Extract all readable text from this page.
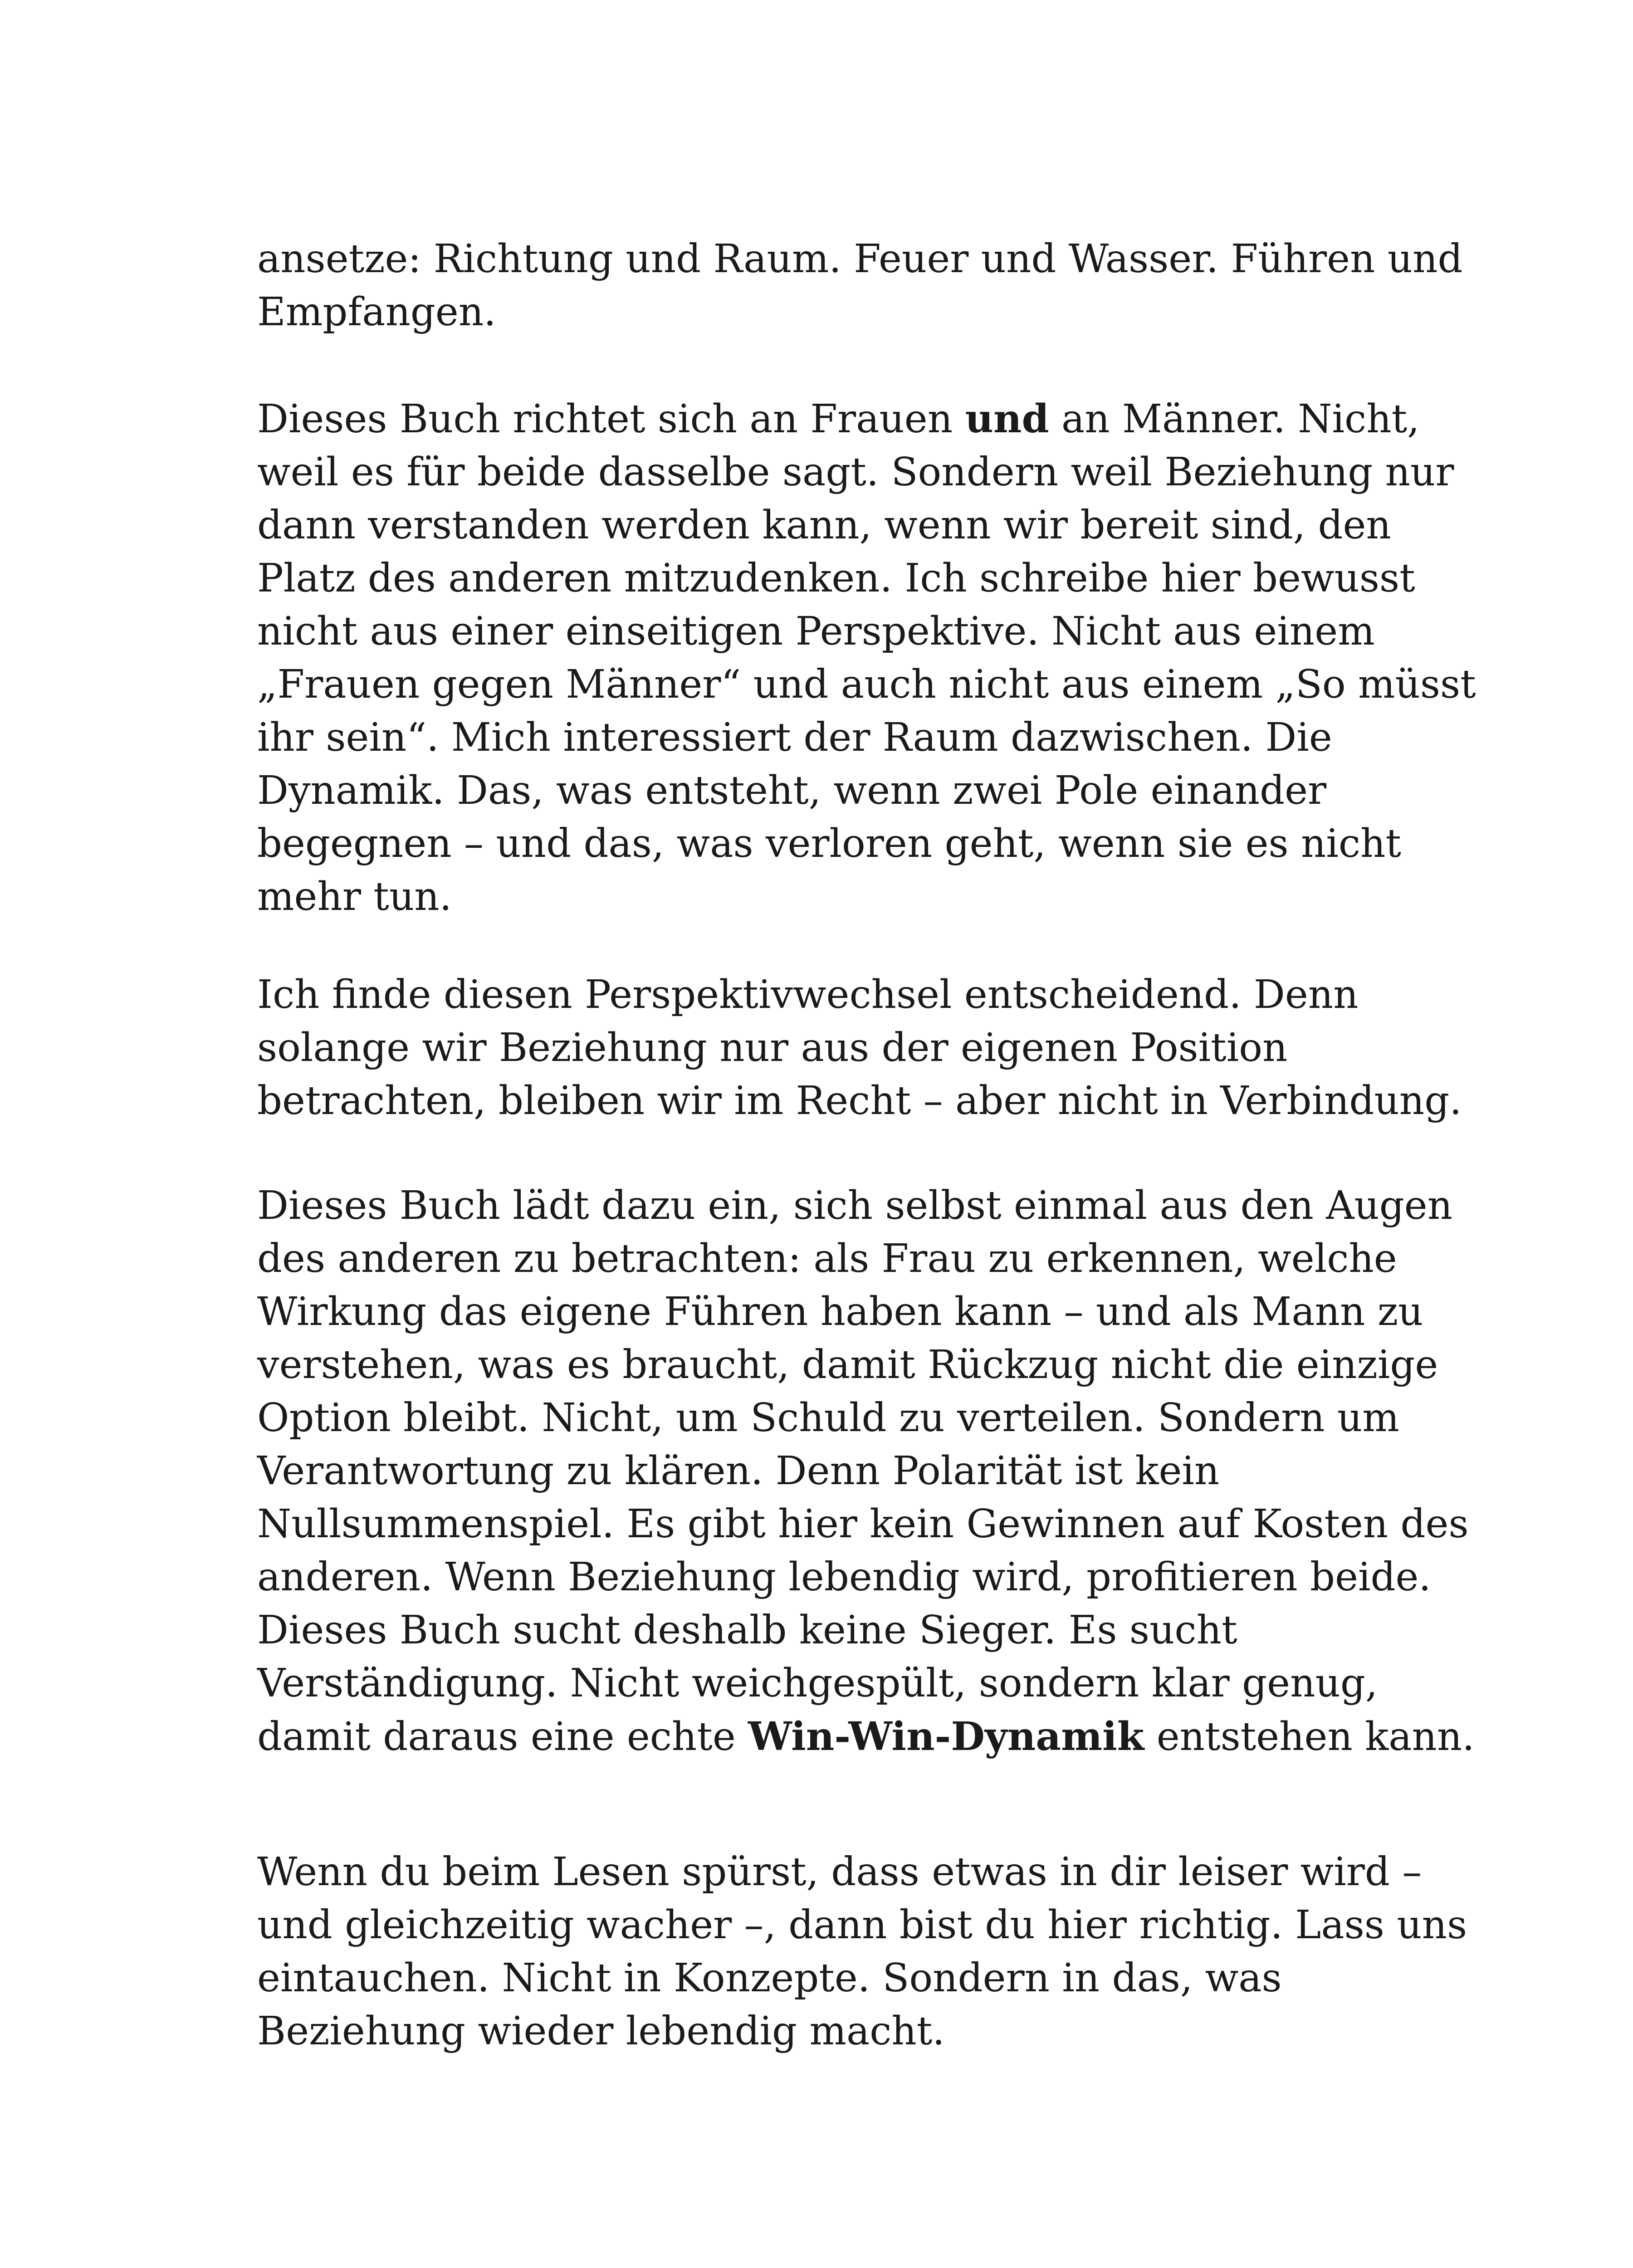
ansetze: Richtung und Raum. Feuer und Wasser. Führen und
Empfangen.

Dieses Buch richtet sich an Frauen und an Männer. Nicht,
weil es für beide dasselbe sagt. Sondern weil Beziehung nur
dann verstanden werden kann, wenn wir bereit sind, den
Platz des anderen mitzudenken. Ich schreibe hier bewusst
nicht aus einer einseitigen Perspektive. Nicht aus einem
„Frauen gegen Männer“ und auch nicht aus einem „So müsst
ihr sein“. Mich interessiert der Raum dazwischen. Die
Dynamik. Das, was entsteht, wenn zwei Pole einander
begegnen – und das, was verloren geht, wenn sie es nicht
mehr tun.

Ich finde diesen Perspektivwechsel entscheidend. Denn
solange wir Beziehung nur aus der eigenen Position
betrachten, bleiben wir im Recht – aber nicht in Verbindung.

Dieses Buch lädt dazu ein, sich selbst einmal aus den Augen
des anderen zu betrachten: als Frau zu erkennen, welche
Wirkung das eigene Führen haben kann – und als Mann zu
verstehen, was es braucht, damit Rückzug nicht die einzige
Option bleibt. Nicht, um Schuld zu verteilen. Sondern um
Verantwortung zu klären. Denn Polarität ist kein
Nullsummenspiel. Es gibt hier kein Gewinnen auf Kosten des
anderen. Wenn Beziehung lebendig wird, profitieren beide.
Dieses Buch sucht deshalb keine Sieger. Es sucht
Verständigung. Nicht weichgespült, sondern klar genug,
damit daraus eine echte Win-Win-Dynamik entstehen kann.

Wenn du beim Lesen spürst, dass etwas in dir leiser wird –
und gleichzeitig wacher –, dann bist du hier richtig. Lass uns
eintauchen. Nicht in Konzepte. Sondern in das, was
Beziehung wieder lebendig macht.
